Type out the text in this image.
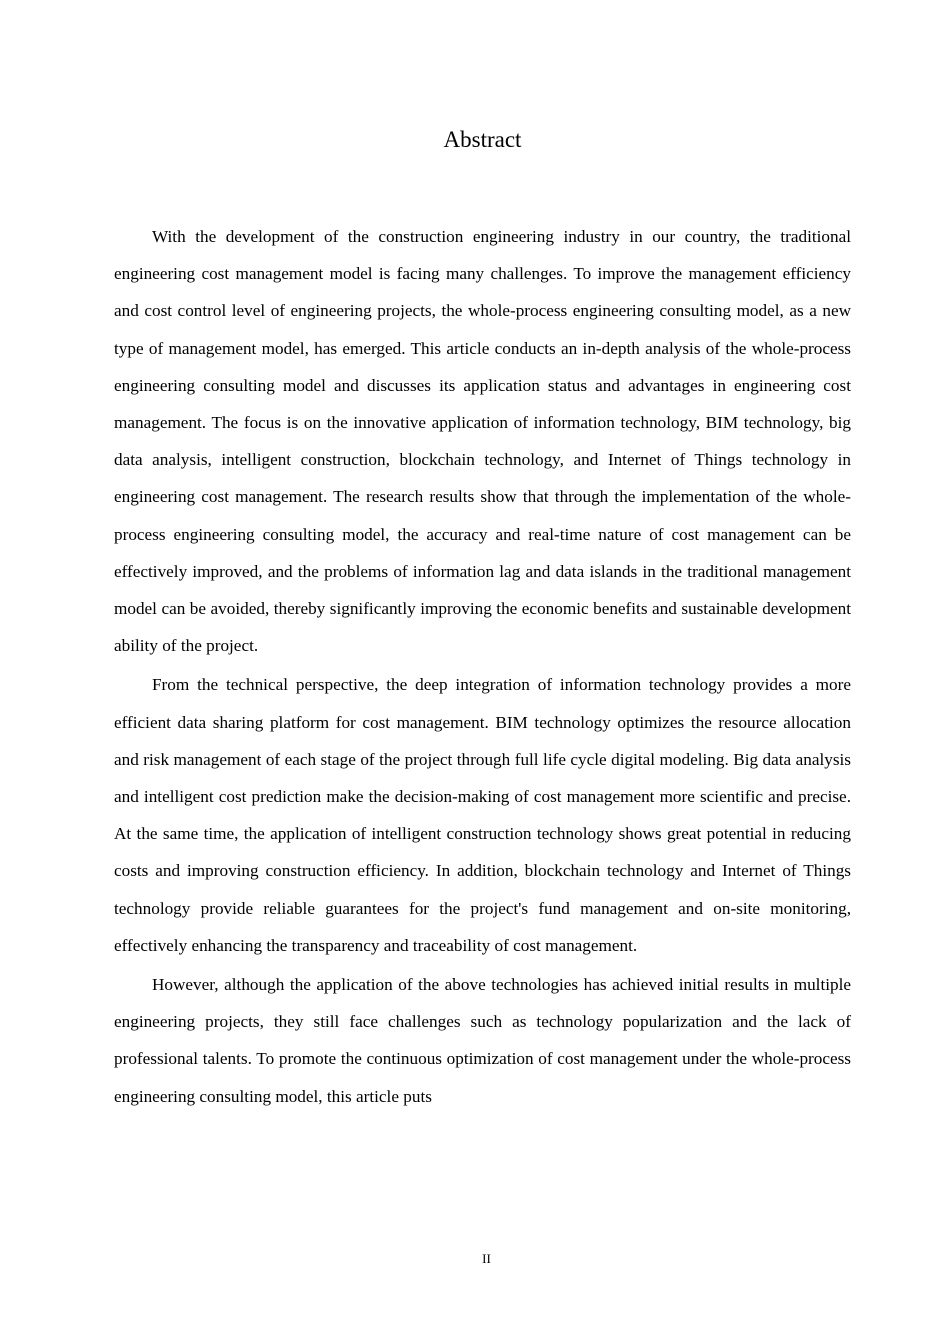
Abstract

With the development of the construction engineering industry in our country, the traditional engineering cost management model is facing many challenges. To improve the management efficiency and cost control level of engineering projects, the whole-process engineering consulting model, as a new type of management model, has emerged. This article conducts an in-depth analysis of the whole-process engineering consulting model and discusses its application status and advantages in engineering cost management. The focus is on the innovative application of information technology, BIM technology, big data analysis, intelligent construction, blockchain technology, and Internet of Things technology in engineering cost management. The research results show that through the implementation of the whole-process engineering consulting model, the accuracy and real-time nature of cost management can be effectively improved, and the problems of information lag and data islands in the traditional management model can be avoided, thereby significantly improving the economic benefits and sustainable development ability of the project.

From the technical perspective, the deep integration of information technology provides a more efficient data sharing platform for cost management. BIM technology optimizes the resource allocation and risk management of each stage of the project through full life cycle digital modeling. Big data analysis and intelligent cost prediction make the decision-making of cost management more scientific and precise. At the same time, the application of intelligent construction technology shows great potential in reducing costs and improving construction efficiency. In addition, blockchain technology and Internet of Things technology provide reliable guarantees for the project's fund management and on-site monitoring, effectively enhancing the transparency and traceability of cost management.

However, although the application of the above technologies has achieved initial results in multiple engineering projects, they still face challenges such as technology popularization and the lack of professional talents. To promote the continuous optimization of cost management under the whole-process engineering consulting model, this article puts

II
